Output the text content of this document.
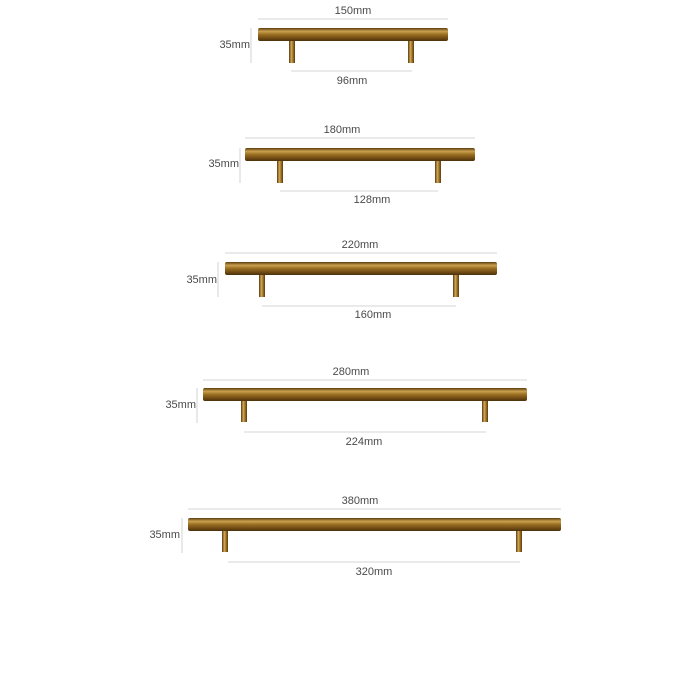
150mm
35mm
96mm
180mm
35mm
128mm
220mm
35mm
160mm
280mm
35mm
224mm
380mm
35mm
320mm
